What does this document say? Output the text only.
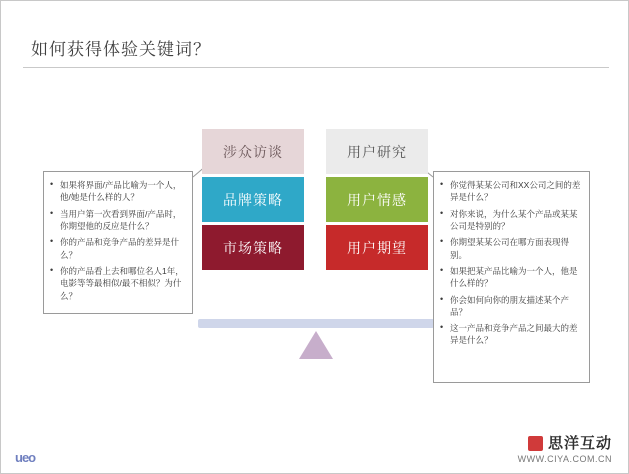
如何获得体验关键词？
涉众访谈
品牌策略
市场策略
用户研究
用户情感
用户期望
• 如果将界面/产品比喻为一个人，他/她是什么样的人？
• 当用户第一次看到界面/产品时，你期望他的反应是什么？
• 你的产品和竞争产品的差异是什么？
• 你的产品看上去和哪位名人1年，电影等等最相似/最不相似？为什么？
• 你觉得某某公司和XX公司之间的差异是什么？
• 对你来说，为什么某个产品或某某公司是特别的？
• 你期望某某公司在哪方面表现得别。
• 如果把某产品比喻为一个人，他是什么样的？
• 你会如何向你的朋友描述某个产品？
• 这一产品和竞争产品之间最大的差异是什么？
ueo
思洋互动
WWW.CIYA.COM.CN
